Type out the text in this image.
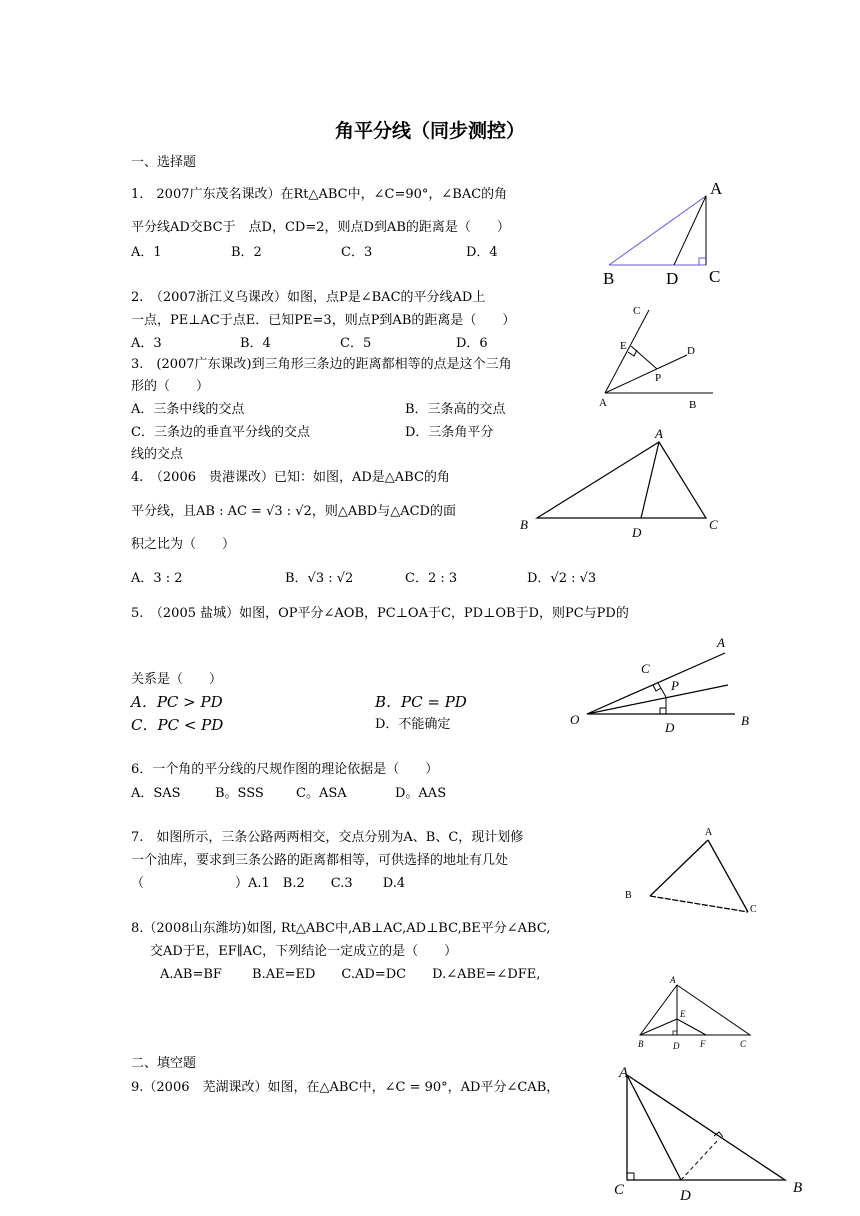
角平分线（同步测控）
一、选择题
1.　2007广东茂名课改）在Rt△ABC中，∠C=90°，∠BAC的角
平分线AD交BC于　点D，CD=2，则点D到AB的距离是（　　）
A．1	B．2	C．3	D．4
A
B	D C
2.　（2007浙江义乌课改）如图，点P是∠BAC的平分线AD上
一点，PE⊥AC于点E．已知PE=3，则点P到AB的距离是（　　）
A．3	B．4	C．5	D．6
C
E	D
P
A	B
3.　(2007广东课改)到三角形三条边的距离都相等的点是这个三角
形的（　　）
A．三条中线的交点	B．三条高的交点
C．三条边的垂直平分线的交点	D．三条角平分
线的交点
4.　（2006　贵港课改）已知：如图，AD是△ABC的角
平分线，且AB : AC = √3 : √2，则△ABD与△ACD的面
积之比为（　　）
A．3 : 2	B．√3 : √2	C．2 : 3	D．√2 : √3
A
B
D
C
5.　（2005 盐城）如图，OP平分∠AOB，PC⊥OA于C，PD⊥OB于D，则PC与PD的
关系是（　　）
A．PC > PD	B．PC = PD
C．PC < PD	D．不能确定
A
C
P
O
D	B
6．一个角的平分线的尺规作图的理论依据是（　　）
A．SAS	B。SSS C。ASA	D。AAS
7.　如图所示，三条公路两两相交，交点分别为A、B、C，现计划修
一个油库，要求到三条公路的距离都相等，可供选择的地址有几处
（　　　　　　　）A.1　B.2　　C.3　　 D.4
A
B
C
8.（2008山东潍坊)如图, Rt△ABC中,AB⊥AC,AD⊥BC,BE平分∠ABC,
交AD于E，EF∥AC，下列结论一定成立的是（　　）
A.AB=BF　　 B.AE=ED　　C.AD=DC　　D.∠ABE=∠DFE,	A
E
B	D F	C
二、填空题
9.（2006　芜湖课改）如图，在△ABC中，∠C = 90°，AD平分∠CAB，
A
C	D	B
